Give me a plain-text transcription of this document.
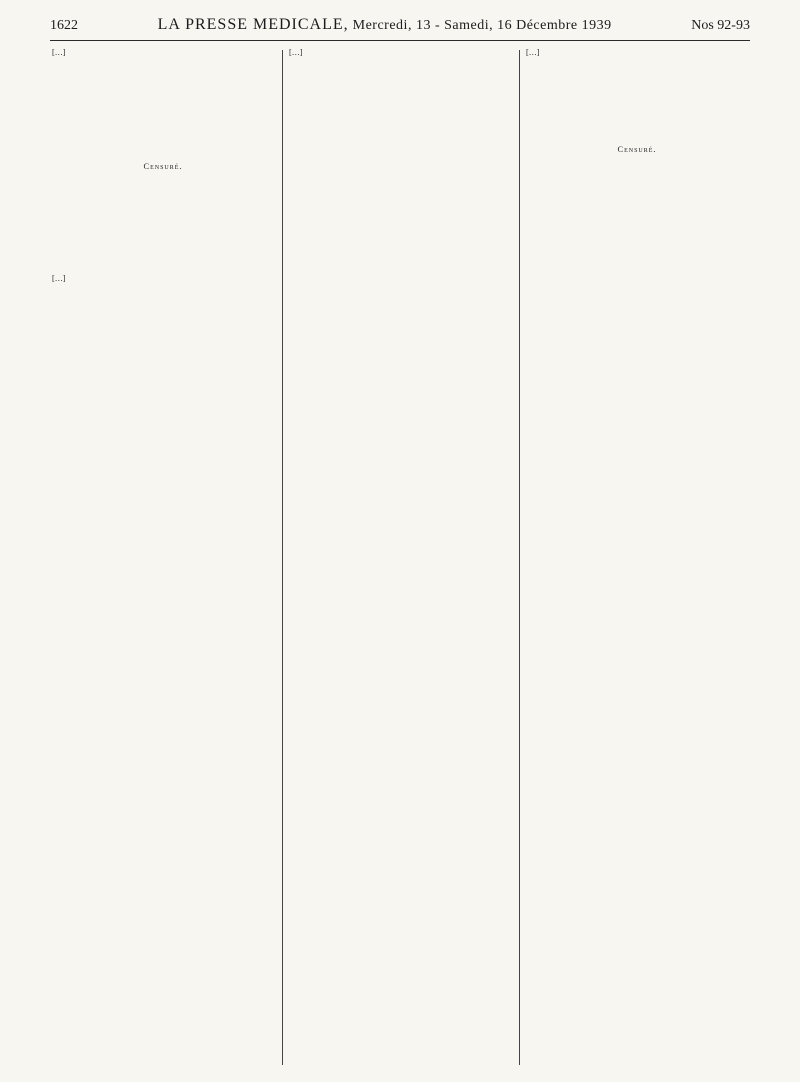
1622	LA PRESSE MEDICALE, Mercredi, 13 - Samedi, 16 Décembre 1939	Nos 92-93

[…]

Censuré.

[…]

[…]	[…]

Censuré.
